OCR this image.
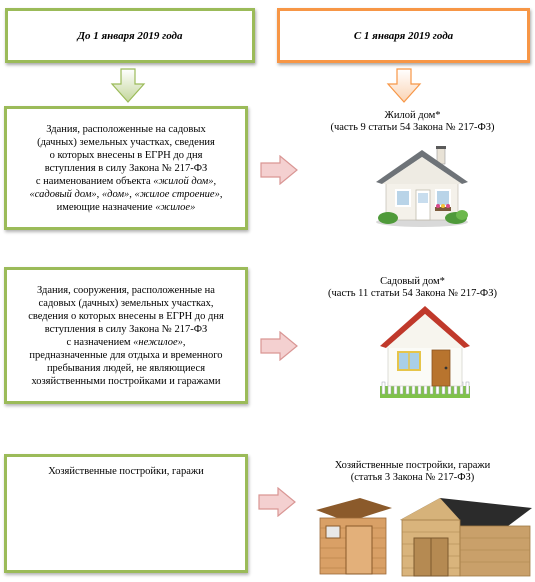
До 1 января 2019 года	С 1 января 2019 года
Здания, расположенные на садовых
(дачных) земельных участках, сведения
о которых внесены в ЕГРН до дня
вступления в силу Закона № 217-ФЗ
с наименованием объекта «жилой дом»,
«садовый дом», «дом», «жилое строение»,
имеющие назначение «жилое»
Здания, сооружения, расположенные на
садовых (дачных) земельных участках,
сведения о которых внесены в ЕГРН до дня
вступления в силу Закона № 217-ФЗ
с назначением «нежилое»,
предназначенные для отдыха и временного
пребывания людей, не являющиеся
хозяйственными постройками и гаражами
Хозяйственные постройки, гаражи
Жилой дом*
(часть 9 статьи 54 Закона № 217-ФЗ)
Садовый дом*
(часть 11 статьи 54 Закона № 217-ФЗ)
Хозяйственные постройки, гаражи
(статья 3 Закона № 217-ФЗ)
